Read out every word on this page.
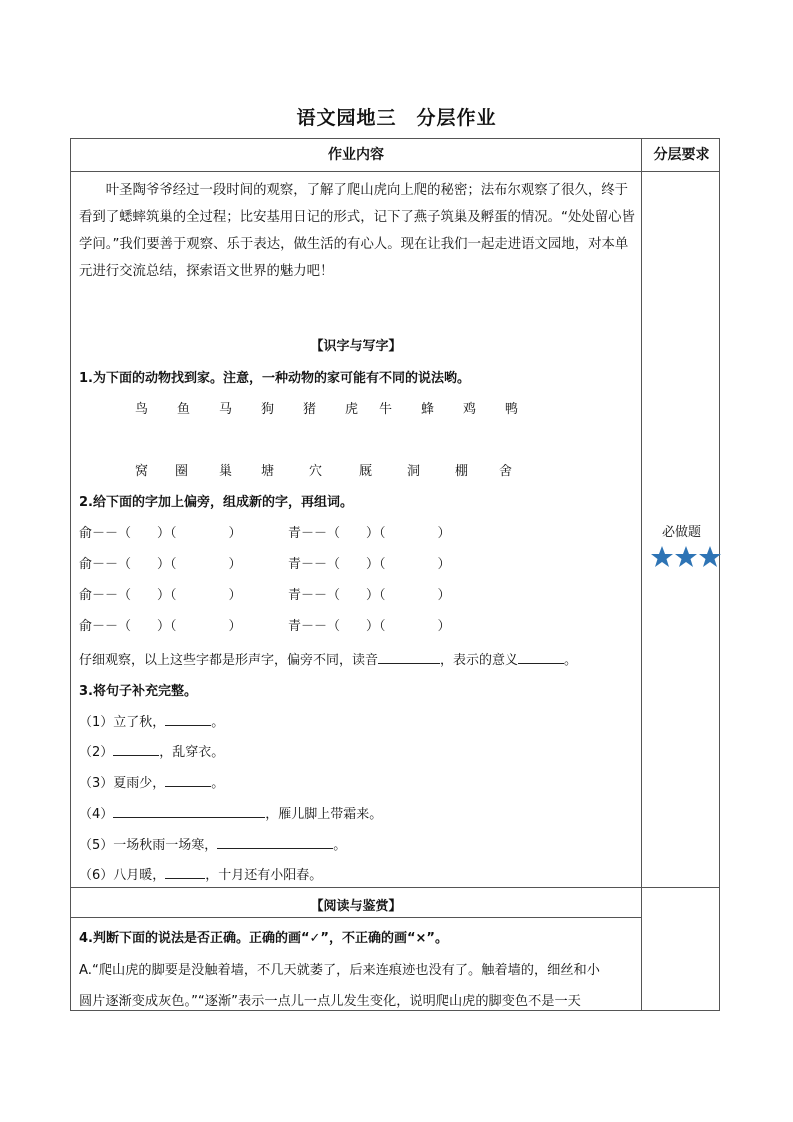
语文园地三　分层作业
作业内容	分层要求
叶圣陶爷爷经过一段时间的观察，了解了爬山虎向上爬的秘密；法布尔观察了很久，终于看到了蟋蟀筑巢的全过程；比安基用日记的形式，记下了燕子筑巢及孵蛋的情况。“处处留心皆学问。”我们要善于观察、乐于表达，做生活的有心人。现在让我们一起走进语文园地，对本单元进行交流总结，探索语文世界的魅力吧！
【识字与写字】
1.为下面的动物找到家。注意，一种动物的家可能有不同的说法哟。
鸟 鱼 马 狗 猪 虎 牛 蜂 鸡 鸭
窝 圈 巢 塘	穴	厩	洞	棚 舍
2.给下面的字加上偏旁，组成新的字，再组词。
俞－－（　　）（　　　　）	青－－（　　）（　　　　）
俞－－（　　）（　　　　）	青－－（　　）（　　　　）
俞－－（　　）（　　　　）	青－－（　　）（　　　　）
俞－－（　　）（　　　　）	青－－（　　）（　　　　）
仔细观察，以上这些字都是形声字，偏旁不同，读音	，表示的意义	。
3.将句子补充完整。
（1）立了秋，	。
（2）	，乱穿衣。
（3）夏雨少，	。
（4）	，雁儿脚上带霜来。
（5）一场秋雨一场寒，	。
（6）八月暖，	，十月还有小阳春。
必做题
【阅读与鉴赏】
4.判断下面的说法是否正确。正确的画“✓”，不正确的画“×”。
A.“爬山虎的脚要是没触着墙，不几天就萎了，后来连痕迹也没有了。触着墙的，细丝和小
圆片逐渐变成灰色。”“逐渐”表示一点儿一点儿发生变化，说明爬山虎的脚变色不是一天
